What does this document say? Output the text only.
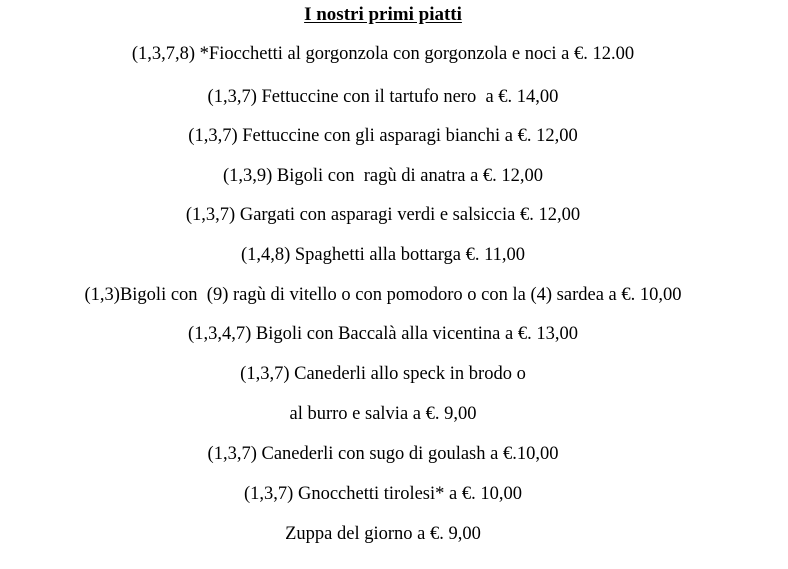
I nostri primi piatti
(1,3,7,8) *Fiocchetti al gorgonzola con gorgonzola e noci a €. 12.00
(1,3,7) Fettuccine con il tartufo nero  a €. 14,00
(1,3,7) Fettuccine con gli asparagi bianchi a €. 12,00
(1,3,9) Bigoli con  ragù di anatra a €. 12,00
(1,3,7) Gargati con asparagi verdi e salsiccia €. 12,00
(1,4,8) Spaghetti alla bottarga €. 11,00
(1,3)Bigoli con  (9) ragù di vitello o con pomodoro o con la (4) sardea a €. 10,00
(1,3,4,7) Bigoli con Baccalà alla vicentina a €. 13,00
(1,3,7) Canederli allo speck in brodo o
al burro e salvia a €. 9,00
(1,3,7) Canederli con sugo di goulash a €.10,00
(1,3,7) Gnocchetti tirolesi* a €. 10,00
Zuppa del giorno a €. 9,00
